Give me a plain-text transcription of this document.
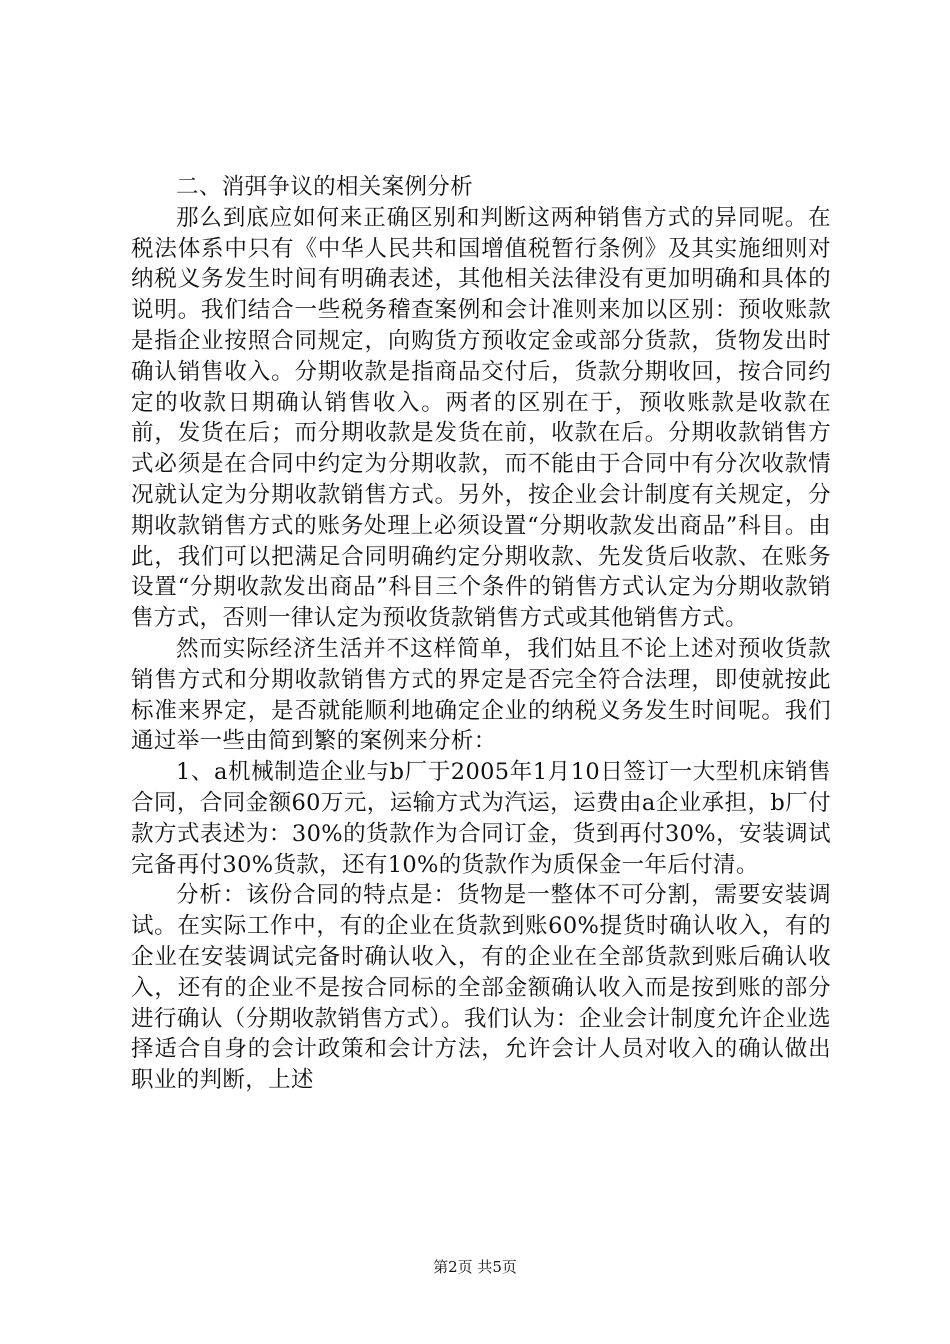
二、消弭争议的相关案例分析

那么到底应如何来正确区别和判断这两种销售方式的异同呢。在税法体系中只有《中华人民共和国增值税暂行条例》及其实施细则对纳税义务发生时间有明确表述，其他相关法律没有更加明确和具体的说明。我们结合一些税务稽查案例和会计准则来加以区别：预收账款是指企业按照合同规定，向购货方预收定金或部分货款，货物发出时确认销售收入。分期收款是指商品交付后，货款分期收回，按合同约定的收款日期确认销售收入。两者的区别在于，预收账款是收款在前，发货在后；而分期收款是发货在前，收款在后。分期收款销售方式必须是在合同中约定为分期收款，而不能由于合同中有分次收款情况就认定为分期收款销售方式。另外，按企业会计制度有关规定，分期收款销售方式的账务处理上必须设置“分期收款发出商品”科目。由此，我们可以把满足合同明确约定分期收款、先发货后收款、在账务设置“分期收款发出商品”科目三个条件的销售方式认定为分期收款销售方式，否则一律认定为预收货款销售方式或其他销售方式。

然而实际经济生活并不这样简单，我们姑且不论上述对预收货款销售方式和分期收款销售方式的界定是否完全符合法理，即使就按此标准来界定，是否就能顺利地确定企业的纳税义务发生时间呢。我们通过举一些由简到繁的案例来分析：

1、a机械制造企业与b厂于2005年1月10日签订一大型机床销售合同，合同金额60万元，运输方式为汽运，运费由a企业承担，b厂付款方式表述为：30%的货款作为合同订金，货到再付30%，安装调试完备再付30%货款，还有10%的货款作为质保金一年后付清。

分析：该份合同的特点是：货物是一整体不可分割，需要安装调试。在实际工作中，有的企业在货款到账60%提货时确认收入，有的企业在安装调试完备时确认收入，有的企业在全部货款到账后确认收入，还有的企业不是按合同标的全部金额确认收入而是按到账的部分进行确认（分期收款销售方式）。我们认为：企业会计制度允许企业选择适合自身的会计政策和会计方法，允许会计人员对收入的确认做出职业的判断，上述

第2页 共5页
